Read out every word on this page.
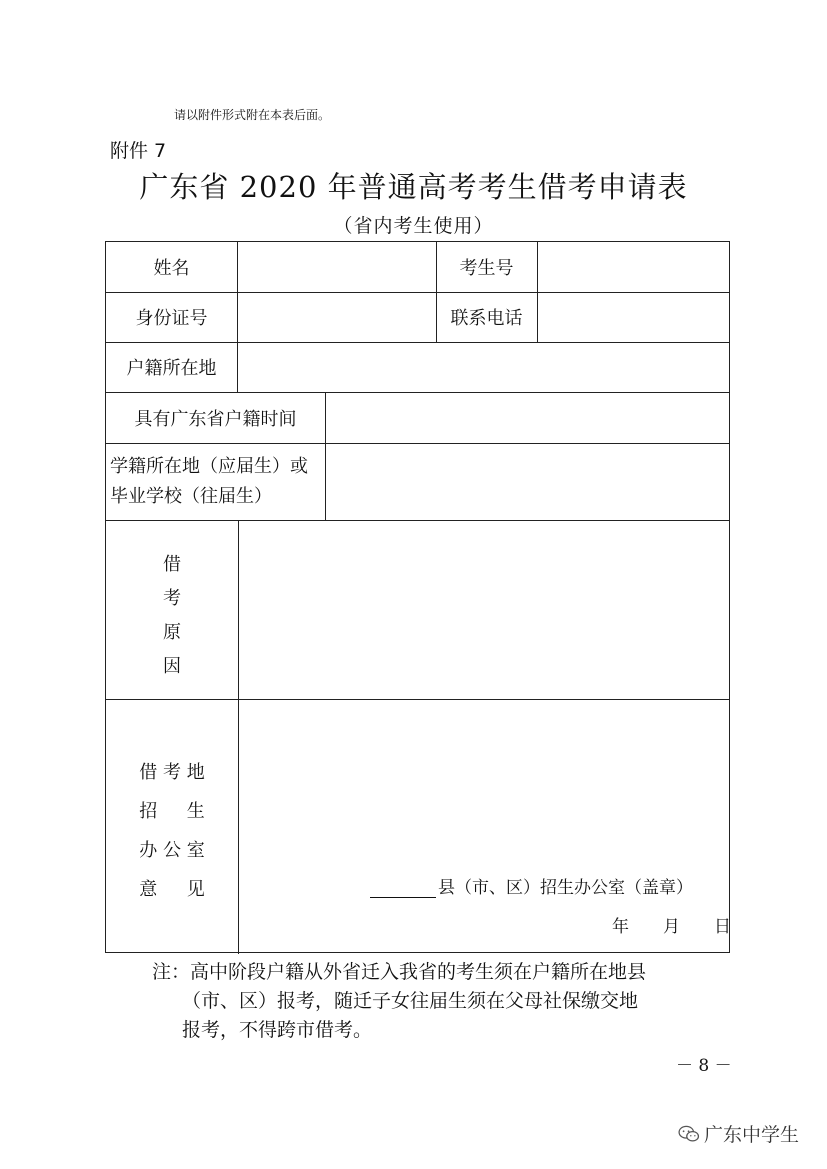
请以附件形式附在本表后面。
附件 7
广东省 2020 年普通高考考生借考申请表
（省内考生使用）
姓名	考生号
身份证号	联系电话
户籍所在地
具有广东省户籍时间
学籍所在地（应届生）或
毕业学校（往届生）
借
考
原
因
借 考 地
招 　 生
办 公 室
意 　 见	县（市、区）招生办公室（盖章）
年　　月　　日
注：高中阶段户籍从外省迁入我省的考生须在户籍所在地县
（市、区）报考，随迁子女往届生须在父母社保缴交地
报考，不得跨市借考。
－ 8 －
广东中学生
